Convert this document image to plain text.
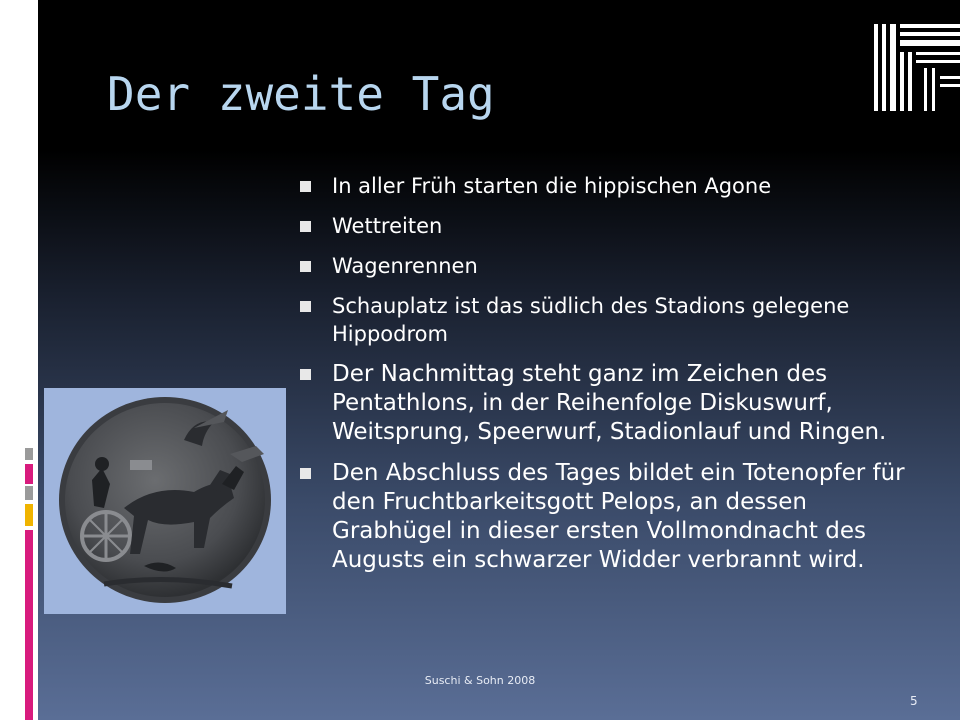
Der zweite Tag
In aller Früh starten die hippischen Agone
Wettreiten
Wagenrennen
Schauplatz ist das südlich des Stadions gelegene Hippodrom
Der Nachmittag steht ganz im Zeichen des Pentathlons, in der Reihenfolge Diskuswurf, Weitsprung, Speerwurf, Stadionlauf und Ringen.
Den Abschluss des Tages bildet ein Totenopfer für den Fruchtbarkeitsgott Pelops, an dessen Grabhügel in dieser ersten Vollmondnacht des Augusts ein schwarzer Widder verbrannt wird.
Suschi & Sohn 2008
5
